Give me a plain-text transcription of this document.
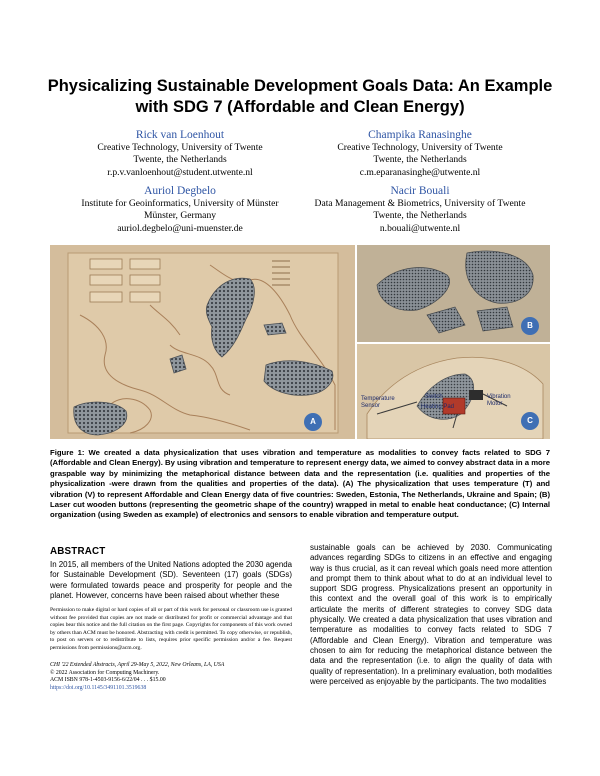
Physicalizing Sustainable Development Goals Data: An Example
with SDG 7 (Affordable and Clean Energy)
Rick van Loenhout
Creative Technology, University of Twente
Twente, the Netherlands
r.p.v.vanloenhout@student.utwente.nl
Champika Ranasinghe
Creative Technology, University of Twente
Twente, the Netherlands
c.m.eparanasinghe@utwente.nl
Auriol Degbelo
Institute for Geoinformatics, University of Münster
Münster, Germany
auriol.degbelo@uni-muenster.de
Nacir Bouali
Data Management & Biometrics, University of Twente
Twente, the Netherlands
n.bouali@utwente.nl
A
B
Temperature Sensor
Switch
Heating Pad
Vibration Motor
C
Figure 1: We created a data physicalization that uses vibration and temperature as modalities to convey facts related to SDG 7 (Affordable and Clean Energy). By using vibration and temperature to represent energy data, we aimed to convey abstract data in a more graspable way by minimizing the metaphorical distance between data and the representation (i.e. qualities and properties of the physicalization -were drawn from the qualities and properties of the data). (A) The physicalization that uses temperature (T) and vibration (V) to represent Affordable and Clean Energy data of five countries: Sweden, Estonia, The Netherlands, Ukraine and Spain; (B) Laser cut wooden buttons (representing the geometric shape of the country) wrapped in metal to enable heat conductance; (C) Internal organization (using Sweden as example) of electronics and sensors to enable vibration and temperature output.
ABSTRACT
In 2015, all members of the United Nations adopted the 2030 agenda for Sustainable Development (SD). Seventeen (17) goals (SDGs) were formulated towards peace and prosperity for people and the planet. However, concerns have been raised about whether these
Permission to make digital or hard copies of all or part of this work for personal or classroom use is granted without fee provided that copies are not made or distributed for profit or commercial advantage and that copies bear this notice and the full citation on the first page. Copyrights for components of this work owned by others than ACM must be honored. Abstracting with credit is permitted. To copy otherwise, or republish, to post on servers or to redistribute to lists, requires prior specific permission and/or a fee. Request permissions from permissions@acm.org.
CHI '22 Extended Abstracts, April 29-May 5, 2022, New Orleans, LA, USA
© 2022 Association for Computing Machinery.
ACM ISBN 978-1-4503-9156-6/22/04 . . . $15.00
https://doi.org/10.1145/3491101.3519638
sustainable goals can be achieved by 2030. Communicating advances regarding SDGs to citizens in an effective and engaging way is thus crucial, as it can reveal which goals need more attention and prompt them to think about what to do at an individual level to support SDG progress. Physicalizations present an opportunity in this context and the overall goal of this work is to empirically articulate the merits of different strategies to convey SDG data physically. We created a data physicalization that uses vibration and temperature as modalities to convey facts related to SDG 7 (Affordable and Clean Energy). Vibration and temperature was chosen to aim for reducing the metaphorical distance between the data and the representation (i.e. to align the quality of data with quality of representation). In a preliminary evaluation, both modalities were perceived as enjoyable by the participants. The two modalities
